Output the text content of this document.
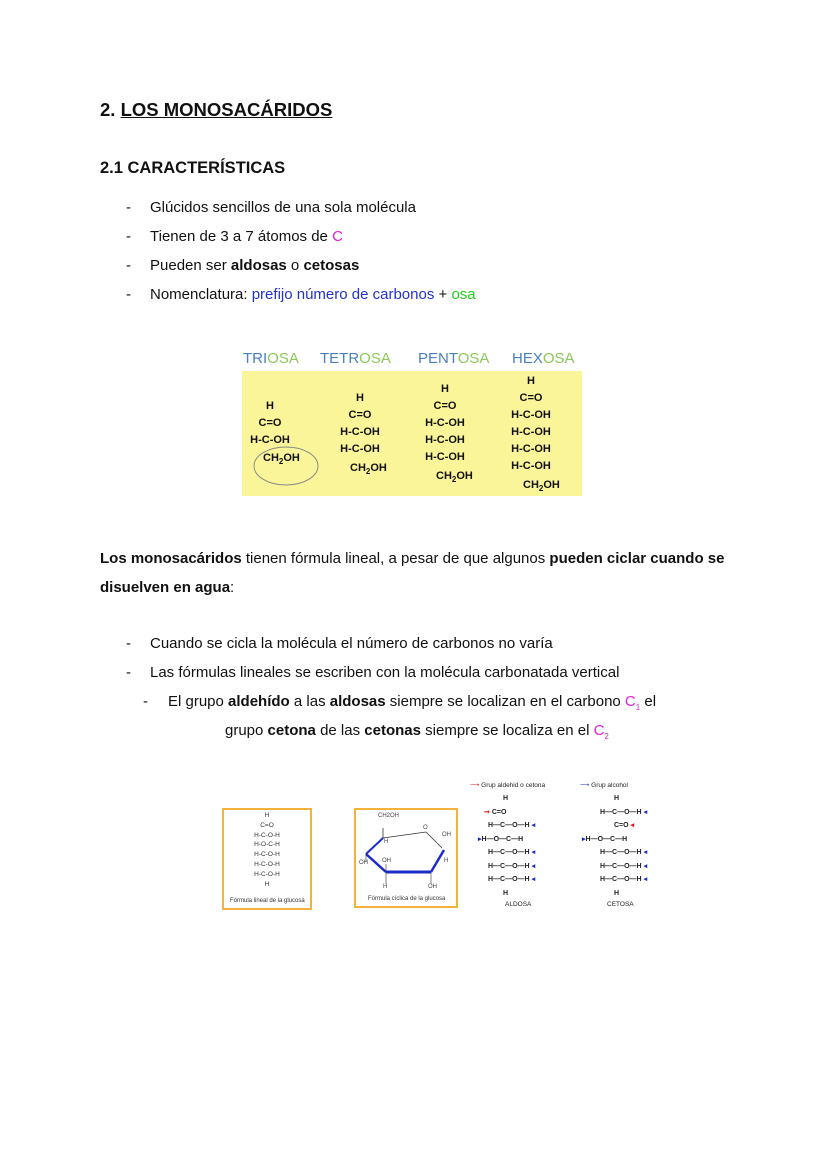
2. LOS MONOSACÁRIDOS
2.1 CARACTERÍSTICAS
- Glúcidos sencillos de una sola molécula
- Tienen de 3 a 7 átomos de C
- Pueden ser aldosas o cetosas
- Nomenclatura: prefijo número de carbonos + osa
TRIOSA TETROSA PENTOSA HEXOSA
H
C=O
H-C-OH
$CH_2OH$
H
C=O
H-C-OH
H-C-OH
$CH_2OH$
H
C=O
H-C-OH
H-C-OH
H-C-OH
$CH_2OH$
H
C=O
H-C-OH
H-C-OH
H-C-OH
H-C-OH
$CH_2OH$
Los monosacáridos tienen fórmula lineal, a pesar de que algunos pueden ciclar cuando se disuelven en agua:
- Cuando se cicla la molécula el número de carbonos no varía
- Las fórmulas lineales se escriben con la molécula carbonatada vertical
- El grupo aldehído a las aldosas siempre se localizan en el carbono $C_1$ el
grupo cetona de las cetonas siempre se localiza en el $C_2$
H
C=O
H-C-O-H
H-O-C-H
H-C-O-H
H-C-O-H
H-C-O-H
H
Fórmula lineal de la glucosa
CH2OH
O
H
OH
OH OH	H
H	OH
Fórmula cíclica de la glucosa
⟶ Grup aldehid o cetona	⟶ Grup alcohol
H
➞ C=O
H—C—O—H ◂
▸H—O—C—H
H—C—O—H ◂
H—C—O—H ◂
H—C—O—H ◂
H
ALDOSA
H
H—C—O—H ◂
C=O ◂
▸H—O—C—H
H—C—O—H ◂
H—C—O—H ◂
H—C—O—H ◂
H
CETOSA
